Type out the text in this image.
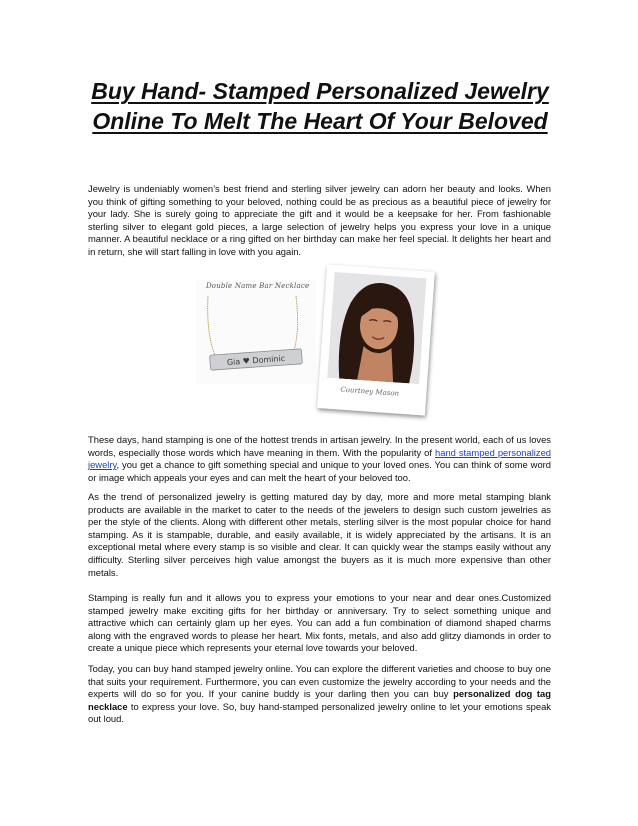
Buy Hand- Stamped Personalized Jewelry Online To Melt The Heart Of Your Beloved

Jewelry is undeniably women’s best friend and sterling silver jewelry can adorn her beauty and looks. When you think of gifting something to your beloved, nothing could be as precious as a beautiful piece of jewelry for your lady. She is surely going to appreciate the gift and it would be a keepsake for her. From fashionable sterling silver to elegant gold pieces, a large selection of jewelry helps you express your love in a unique manner. A beautiful necklace or a ring gifted on her birthday can make her feel special. It delights her heart and in return, she will start falling in love with you again.

Double Name Bar Necklace
Gia ♥ Dominic
Courtney Mason

These days, hand stamping is one of the hottest trends in artisan jewelry. In the present world, each of us loves words, especially those words which have meaning in them. With the popularity of hand stamped personalized jewelry, you get a chance to gift something special and unique to your loved ones. You can think of some word or image which appeals your eyes and can melt the heart of your beloved too.

As the trend of personalized jewelry is getting matured day by day, more and more metal stamping blank products are available in the market to cater to the needs of the jewelers to design such custom jewelries as per the style of the clients. Along with different other metals, sterling silver is the most popular choice for hand stamping. As it is stampable, durable, and easily available, it is widely appreciated by the artisans. It is an exceptional metal where every stamp is so visible and clear. It can quickly wear the stamps easily without any difficulty. Sterling silver perceives high value amongst the buyers as it is much more expensive than other metals.

Stamping is really fun and it allows you to express your emotions to your near and dear ones.Customized stamped jewelry make exciting gifts for her birthday or anniversary. Try to select something unique and attractive which can certainly glam up her eyes. You can add a fun combination of diamond shaped charms along with the engraved words to please her heart. Mix fonts, metals, and also add glitzy diamonds in order to create a unique piece which represents your eternal love towards your beloved.

Today, you can buy hand stamped jewelry online. You can explore the different varieties and choose to buy one that suits your requirement. Furthermore, you can even customize the jewelry according to your needs and the experts will do so for you. If your canine buddy is your darling then you can buy personalized dog tag necklace to express your love. So, buy hand-stamped personalized jewelry online to let your emotions speak out loud.
